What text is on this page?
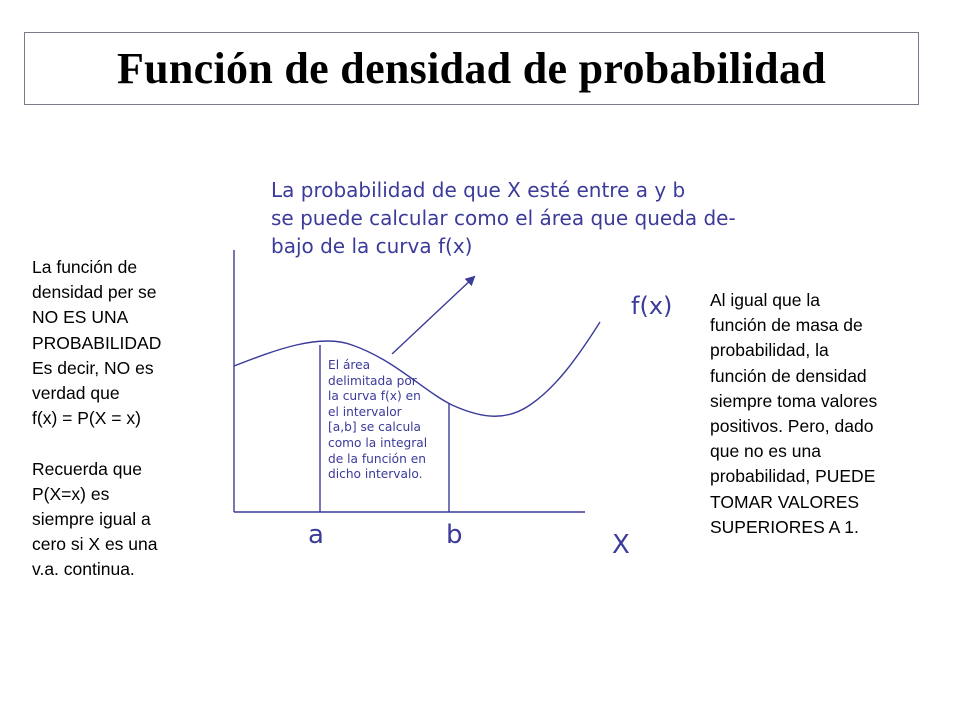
Función de densidad de probabilidad
La probabilidad de que X esté entre a y b
se puede calcular como el área que queda de-
bajo de la curva f(x)
La función de
densidad per se
NO ES UNA
PROBABILIDAD
Es decir, NO es
verdad que
f(x) = P(X = x)

Recuerda que
P(X=x) es
siempre igual a
cero si X es una
v.a. continua.
Al igual que la
función de masa de
probabilidad, la
función de densidad
siempre toma valores
positivos. Pero, dado
que no es una
probabilidad, PUEDE
TOMAR VALORES
SUPERIORES A 1.
El área
delimitada por
la curva f(x) en
el intervalor
[a,b] se calcula
como la integral
de la función en
dicho intervalo.
f(x)
a	b	X
